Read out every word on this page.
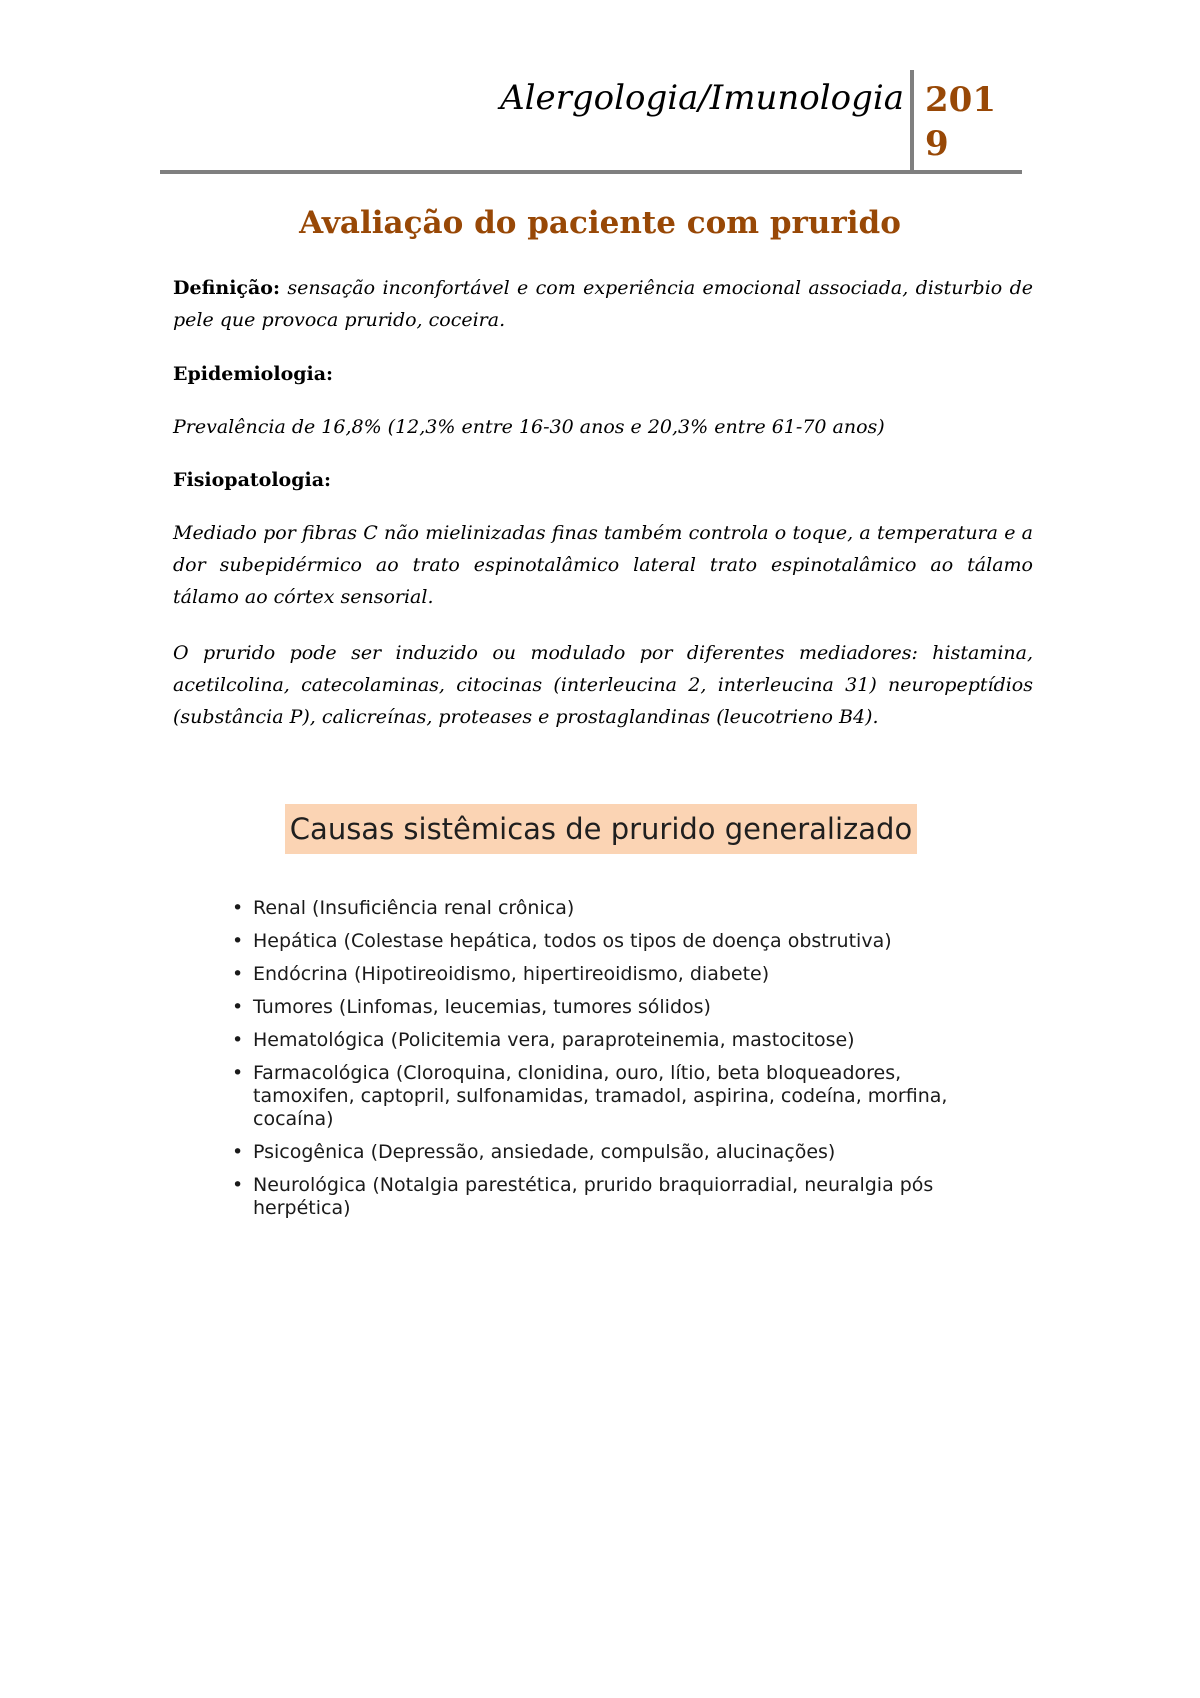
Alergologia/Imunologia 2019
Avaliação do paciente com prurido
Definição: sensação inconfortável e com experiência emocional associada, disturbio de pele que provoca prurido, coceira.
Epidemiologia:
Prevalência de 16,8% (12,3% entre 16-30 anos e 20,3% entre 61-70 anos)
Fisiopatologia:
Mediado por fibras C não mielinizadas finas também controla o toque, a temperatura e a dor subepidérmico ao trato espinotalâmico lateral trato espinotalâmico ao tálamo tálamo ao córtex sensorial.
O prurido pode ser induzido ou modulado por diferentes mediadores: histamina, acetilcolina, catecolaminas, citocinas (interleucina 2, interleucina 31) neuropeptídios (substância P), calicreínas, proteases e prostaglandinas (leucotrieno B4).
Causas sistêmicas de prurido generalizado
• Renal (Insuficiência renal crônica)
• Hepática (Colestase hepática, todos os tipos de doença obstrutiva)
• Endócrina (Hipotireoidismo, hipertireoidismo, diabete)
• Tumores (Linfomas, leucemias, tumores sólidos)
• Hematológica (Policitemia vera, paraproteinemia, mastocitose)
• Farmacológica (Cloroquina, clonidina, ouro, lítio, beta bloqueadores, tamoxifen, captopril, sulfonamidas, tramadol, aspirina, codeína, morfina, cocaína)
• Psicogênica (Depressão, ansiedade, compulsão, alucinações)
• Neurológica (Notalgia parestética, prurido braquiorradial, neuralgia pós herpética)
